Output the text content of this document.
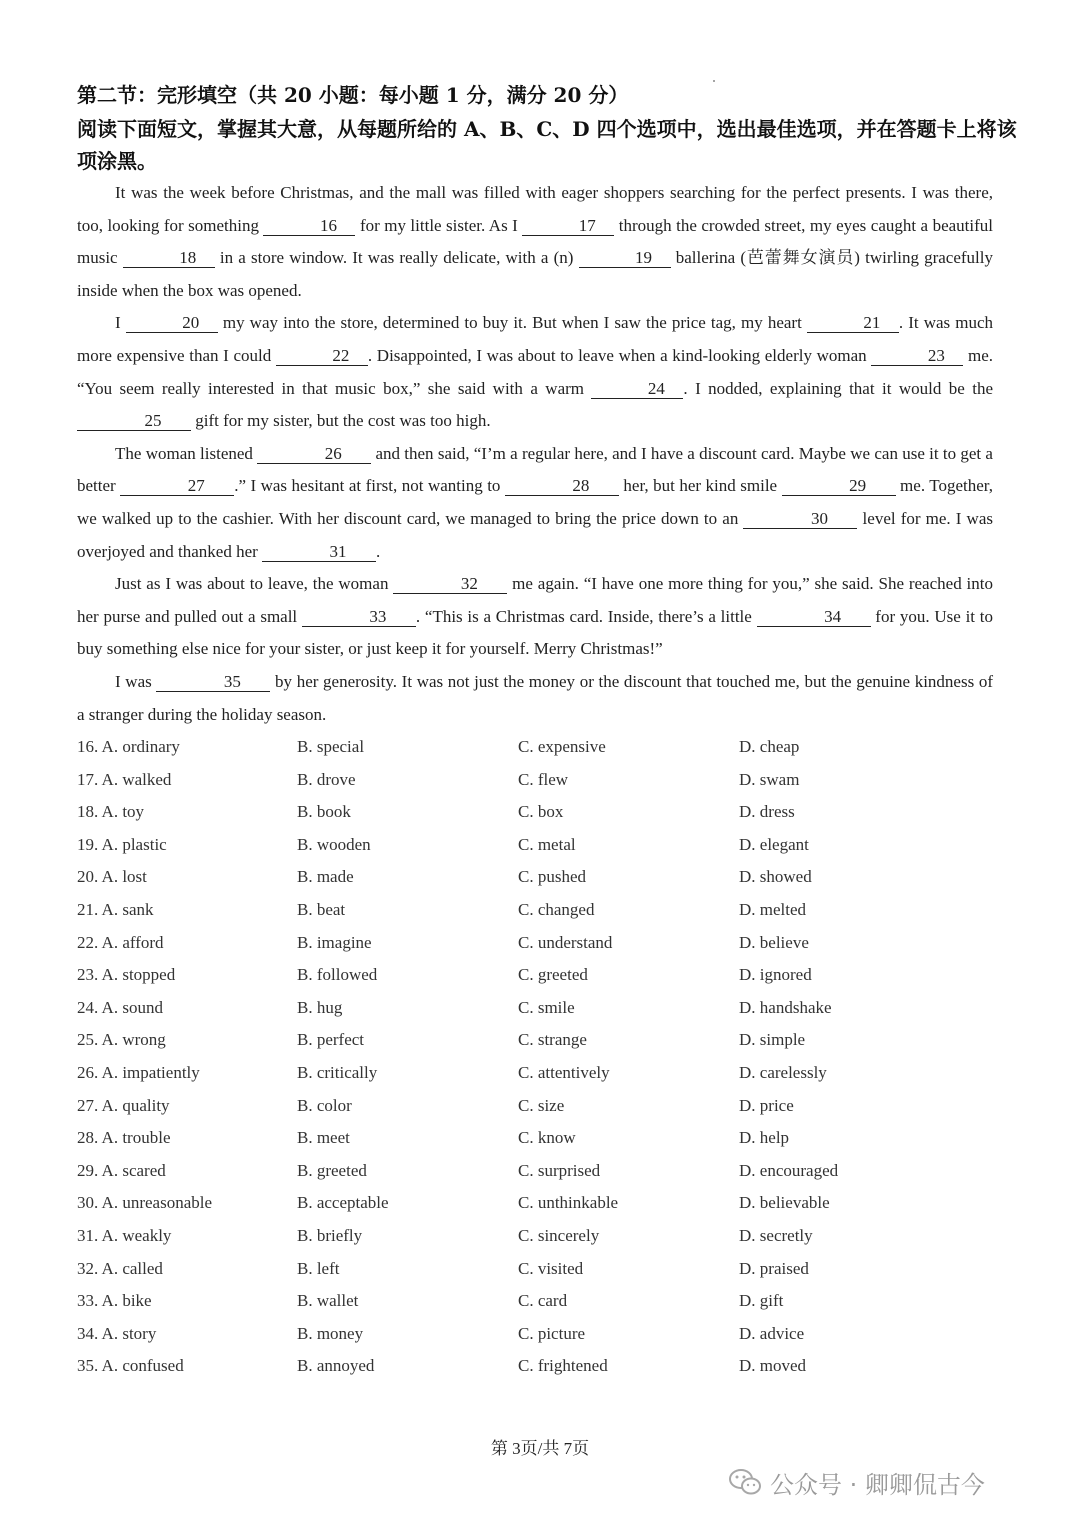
第二节：完形填空（共 20 小题：每小题 1 分，满分 20 分）
阅读下面短文，掌握其大意，从每题所给的 A、B、C、D 四个选项中，选出最佳选项，并在答题卡上将该项涂黑。

It was the week before Christmas, and the mall was filled with eager shoppers searching for the perfect presents. I was there, too, looking for something	16 for my little sister. As I	17 through the crowded street, my eyes caught a beautiful music	18 in a store window. It was really delicate, with a (n)	19 ballerina (芭蕾舞女演员) twirling gracefully inside when the box was opened.

I	20 my way into the store, determined to buy it. But when I saw the price tag, my heart	21 . It was much more expensive than I could	22 . Disappointed, I was about to leave when a kind-looking elderly woman	23 me. “You seem really interested in that music box,” she said with a warm	24 . I nodded, explaining that it would be the 25 gift for my sister, but the cost was too high.

The woman listened	26 and then said, “I’m a regular here, and I have a discount card. Maybe we can use it to get a better	27 .” I was hesitant at first, not wanting to	28 her, but her kind smile	29 me. Together, we walked up to the cashier. With her discount card, we managed to bring the price down to an	30 level for me. I was overjoyed and thanked her	31 .

Just as I was about to leave, the woman	32 me again. “I have one more thing for you,” she said. She reached into her purse and pulled out a small	33 . “This is a Christmas card. Inside, there’s a little	34 for you. Use it to buy something else nice for your sister, or just keep it for yourself. Merry Christmas!”

I was	35 by her generosity. It was not just the money or the discount that touched me, but the genuine kindness of a stranger during the holiday season.

16. A. ordinary	B. special	C. expensive	D. cheap
17. A. walked	B. drove	C. flew	D. swam
18. A. toy	B. book	C. box	D. dress
19. A. plastic	B. wooden	C. metal	D. elegant
20. A. lost	B. made	C. pushed	D. showed
21. A. sank	B. beat	C. changed	D. melted
22. A. afford	B. imagine	C. understand	D. believe
23. A. stopped	B. followed	C. greeted	D. ignored
24. A. sound	B. hug	C. smile	D. handshake
25. A. wrong	B. perfect	C. strange	D. simple
26. A. impatiently	B. critically	C. attentively	D. carelessly
27. A. quality	B. color	C. size	D. price
28. A. trouble	B. meet	C. know	D. help
29. A. scared	B. greeted	C. surprised	D. encouraged
30. A. unreasonable	B. acceptable	C. unthinkable	D. believable
31. A. weakly	B. briefly	C. sincerely	D. secretly
32. A. called	B. left	C. visited	D. praised
33. A. bike	B. wallet	C. card	D. gift
34. A. story	B. money	C. picture	D. advice
35. A. confused	B. annoyed	C. frightened	D. moved
第 3页/共 7页
公众号 · 卿卿侃古今
